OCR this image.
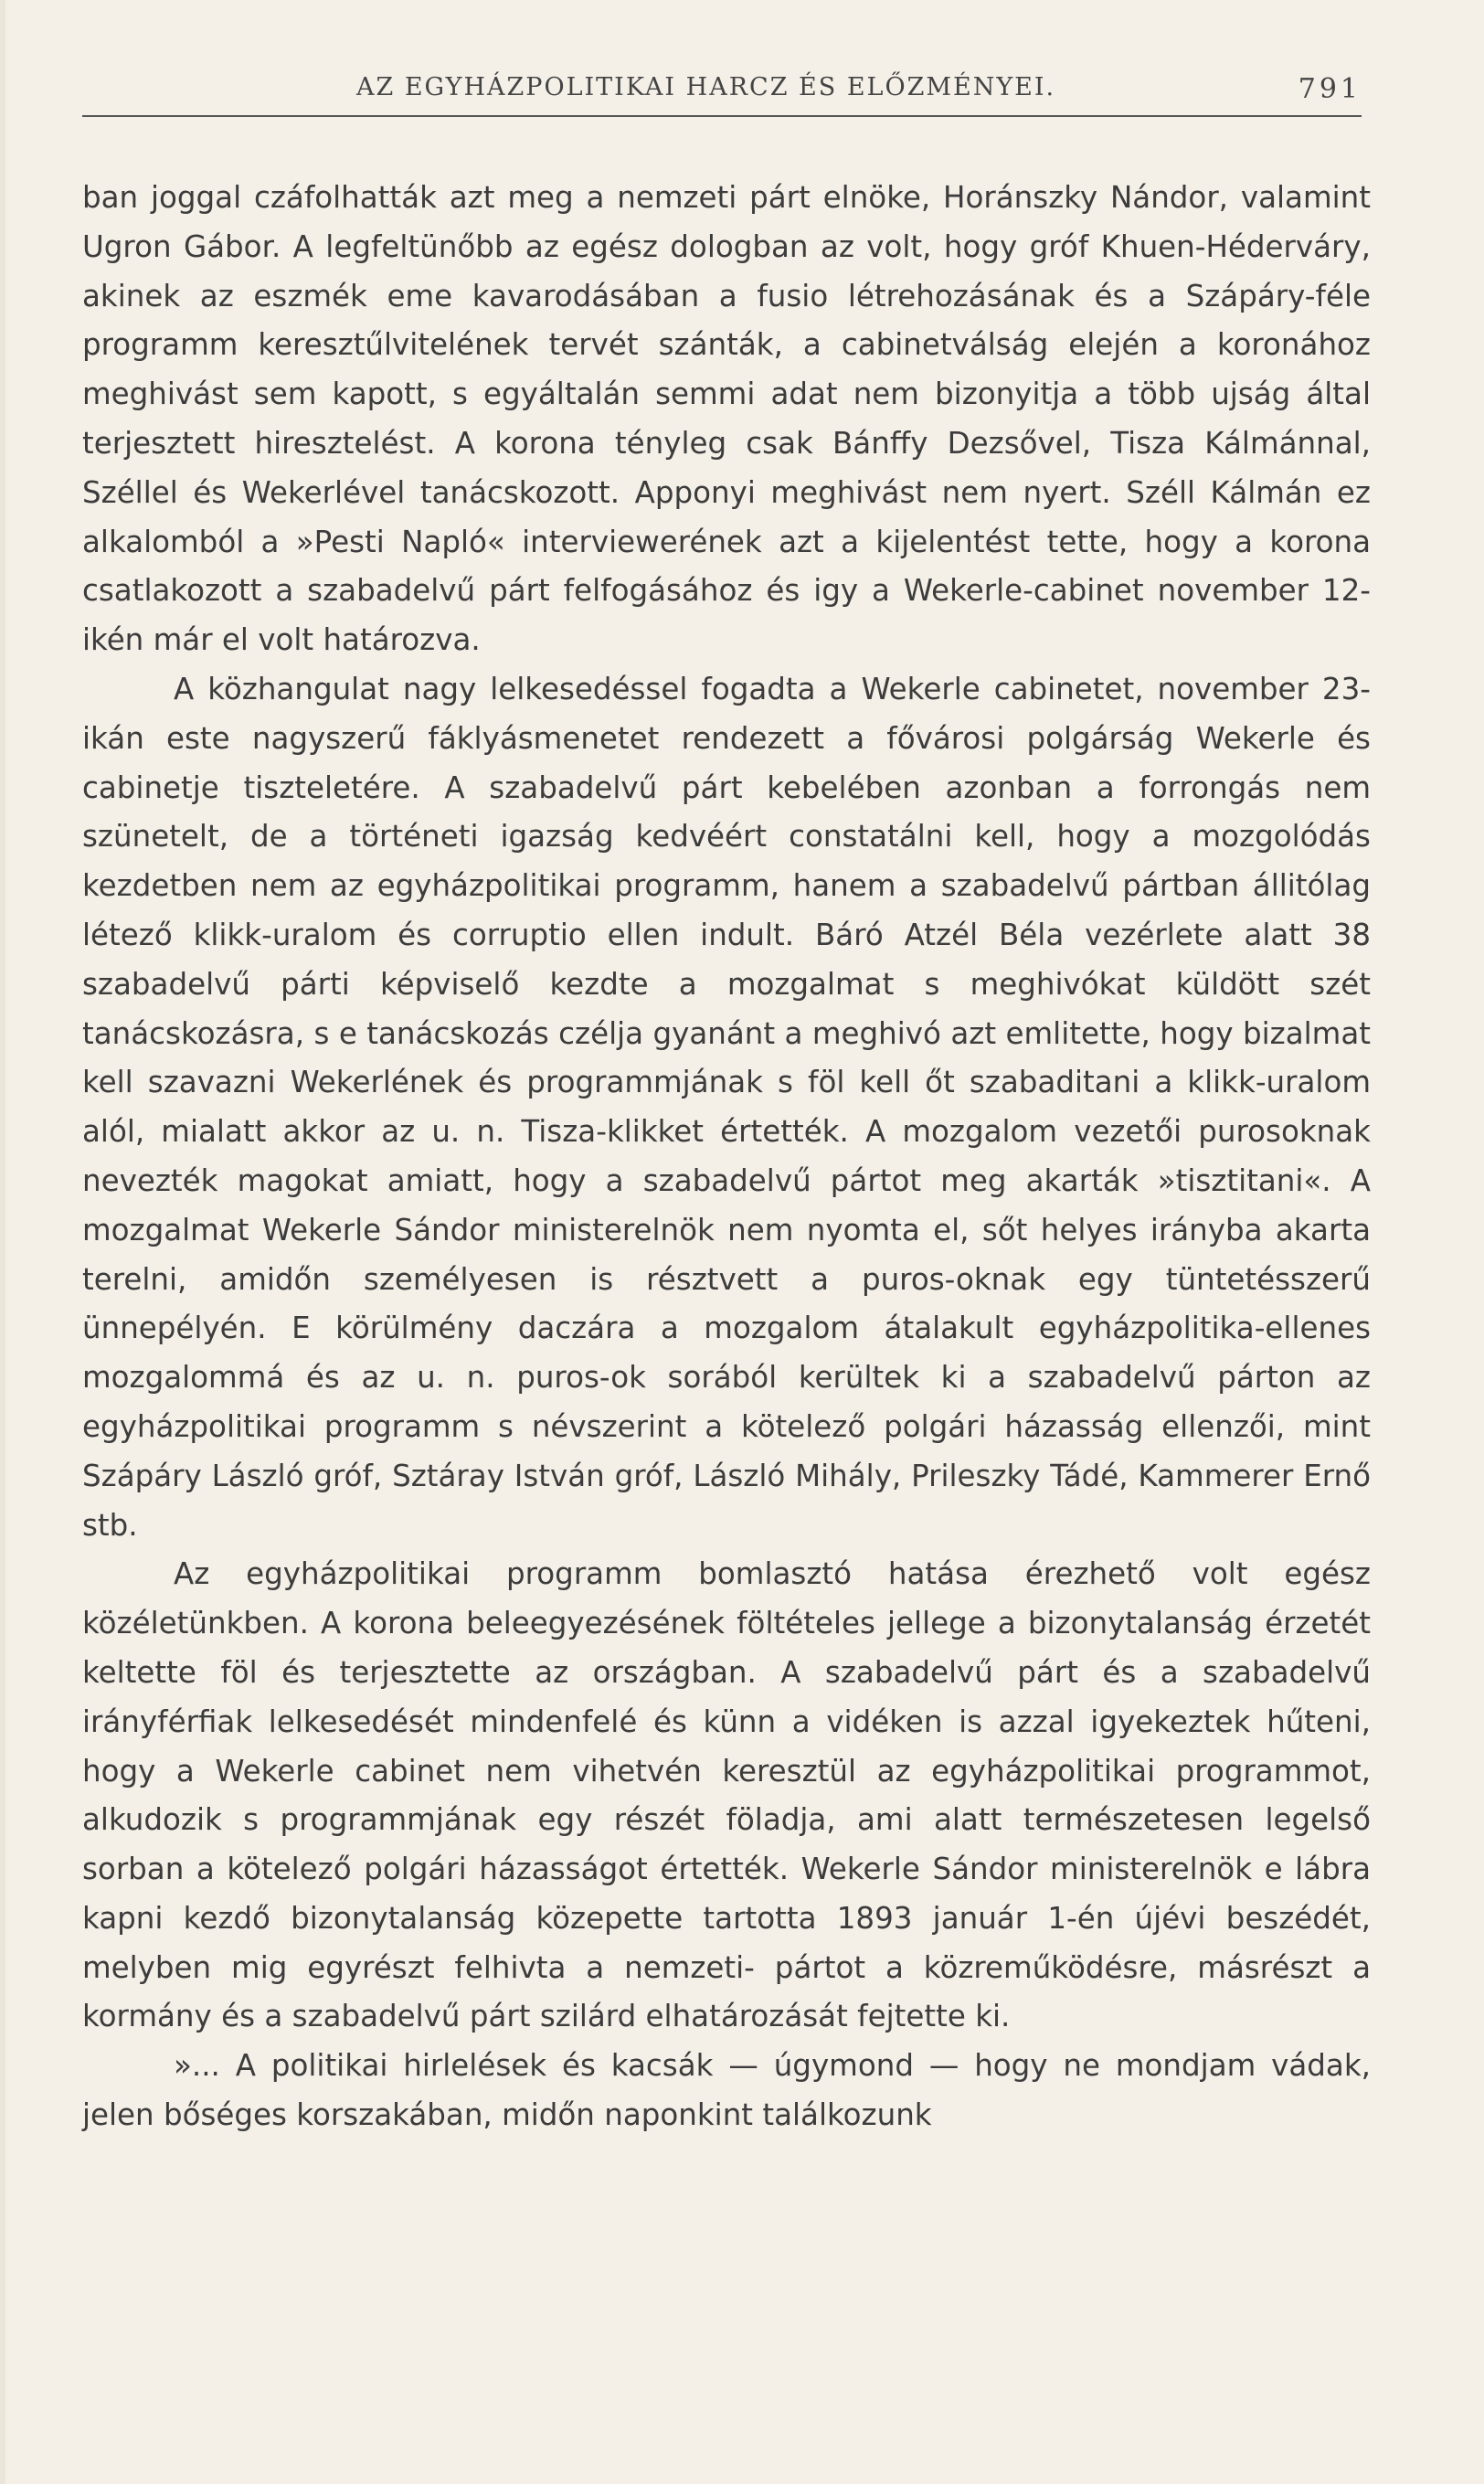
AZ EGYHÁZPOLITIKAI HARCZ ÉS ELŐZMÉNYEI.	791

ban joggal czáfolhatták azt meg a nemzeti párt elnöke, Horánszky Nándor, valamint Ugron Gábor. A legfeltünőbb az egész dologban az volt, hogy gróf Khuen-Héderváry, akinek az eszmék eme kavarodásában a fusio létrehozásának és a Szápáry-féle programm keresztűlvitelének tervét szánták, a cabinetválság elején a koronához meghivást sem kapott, s egyáltalán semmi adat nem bizonyitja a több ujság által terjesztett hiresztelést. A korona tényleg csak Bánffy Dezsővel, Tisza Kálmánnal, Széllel és Wekerlével tanácskozott. Apponyi meghivást nem nyert. Széll Kálmán ez alkalomból a »Pesti Napló« interviewerének azt a kijelentést tette, hogy a korona csatlakozott a szabadelvű párt felfogásához és igy a Wekerle-cabinet november 12-ikén már el volt határozva.

A közhangulat nagy lelkesedéssel fogadta a Wekerle cabinetet, november 23-ikán este nagyszerű fáklyásmenetet rendezett a fővárosi polgárság Wekerle és cabinetje tiszteletére. A szabadelvű párt kebelében azonban a forrongás nem szünetelt, de a történeti igazság kedvéért constatálni kell, hogy a mozgolódás kezdetben nem az egyházpolitikai programm, hanem a szabadelvű pártban állitólag létező klikk-uralom és corruptio ellen indult. Báró Atzél Béla vezérlete alatt 38 szabadelvű párti képviselő kezdte a mozgalmat s meghivókat küldött szét tanácskozásra, s e tanácskozás czélja gyanánt a meghivó azt emlitette, hogy bizalmat kell szavazni Wekerlének és programmjának s föl kell őt szabaditani a klikk-uralom alól, mialatt akkor az u. n. Tisza-klikket értették. A mozgalom vezetői purosoknak nevezték magokat amiatt, hogy a szabadelvű pártot meg akarták »tisztitani«. A mozgalmat Wekerle Sándor ministerelnök nem nyomta el, sőt helyes irányba akarta terelni, amidőn személyesen is résztvett a puros-oknak egy tüntetésszerű ünnepélyén. E körülmény daczára a mozgalom átalakult egyházpolitika-ellenes mozgalommá és az u. n. puros-ok sorából kerültek ki a szabadelvű párton az egyházpolitikai programm s névszerint a kötelező polgári házasság ellenzői, mint Szápáry László gróf, Sztáray István gróf, László Mihály, Prileszky Tádé, Kammerer Ernő stb.

Az egyházpolitikai programm bomlasztó hatása érezhető volt egész közéletünkben. A korona beleegyezésének föltételes jellege a bizonytalanság érzetét keltette föl és terjesztette az országban. A szabadelvű párt és a szabadelvű irányférfiak lelkesedését mindenfelé és künn a vidéken is azzal igyekeztek hűteni, hogy a Wekerle cabinet nem vihetvén keresztül az egyházpolitikai programmot, alkudozik s programmjának egy részét föladja, ami alatt természetesen legelső sorban a kötelező polgári házasságot értették. Wekerle Sándor ministerelnök e lábra kapni kezdő bizonytalanság közepette tartotta 1893 január 1-én újévi beszédét, melyben mig egyrészt felhivta a nemzeti- pártot a közreműködésre, másrészt a kormány és a szabadelvű párt szilárd elhatározását fejtette ki.

»... A politikai hirlelések és kacsák — úgymond — hogy ne mondjam vádak, jelen bőséges korszakában, midőn naponkint találkozunk
